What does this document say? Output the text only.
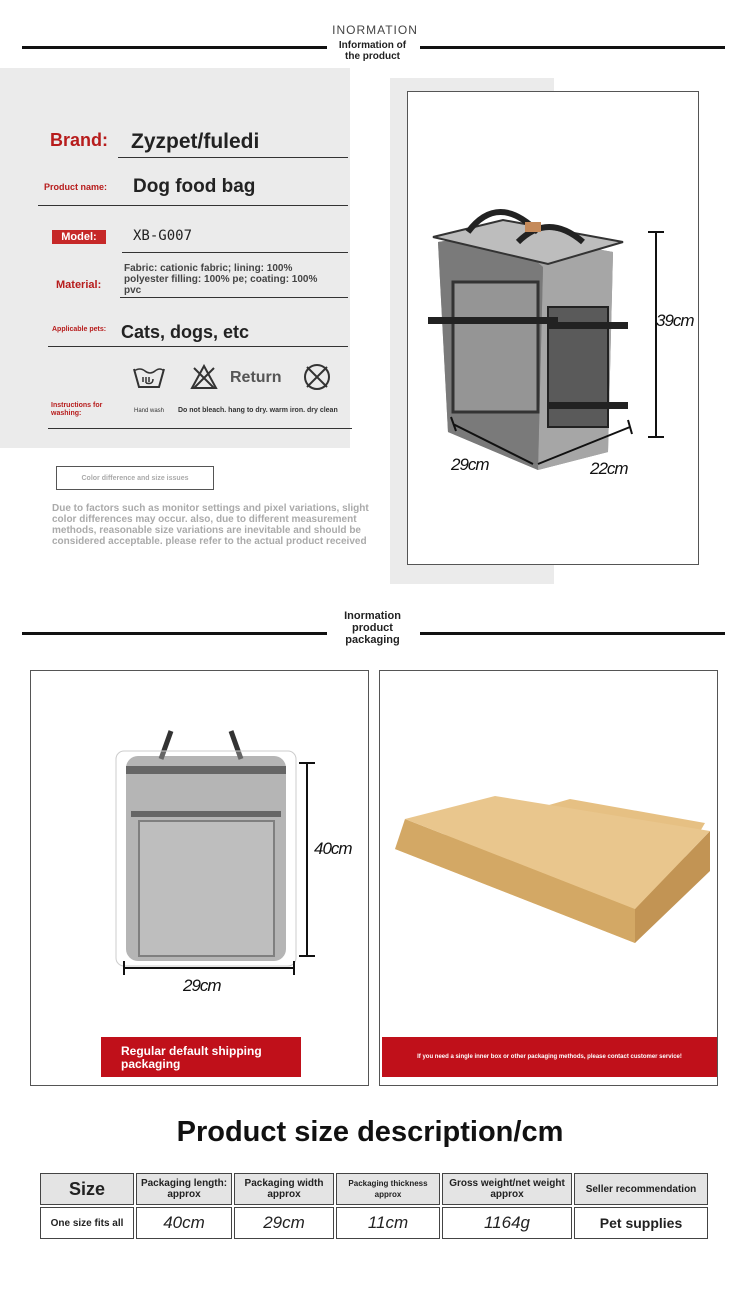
INORMATION
Information of
the product
Brand: Zyzpet/fuledi
Product name: Dog food bag
Model:	XB-G007
Material:
Fabric: cationic fabric; lining: 100% polyester filling: 100% pe; coating: 100% pvc
Applicable pets: Cats, dogs, etc
Return
Instructions for washing:	Hand wash Do not bleach. hang to dry. warm iron. dry clean
Color difference and size issues
Due to factors such as monitor settings and pixel variations, slight color differences may occur. also, due to different measurement methods, reasonable size variations are inevitable and should be considered acceptable. please refer to the actual product received
39cm
29cm	22cm
Inormation
product
packaging
Regular default shipping packaging
40cm
29cm
If you need a single inner box or other packaging methods, please contact customer service!
Product size description/cm
Size	Packaging length: approx	Packaging width approx	Packaging thickness approx	Gross weight/net weight approx	Seller recommendation
One size fits all	40cm	29cm	11cm	1164g	Pet supplies
